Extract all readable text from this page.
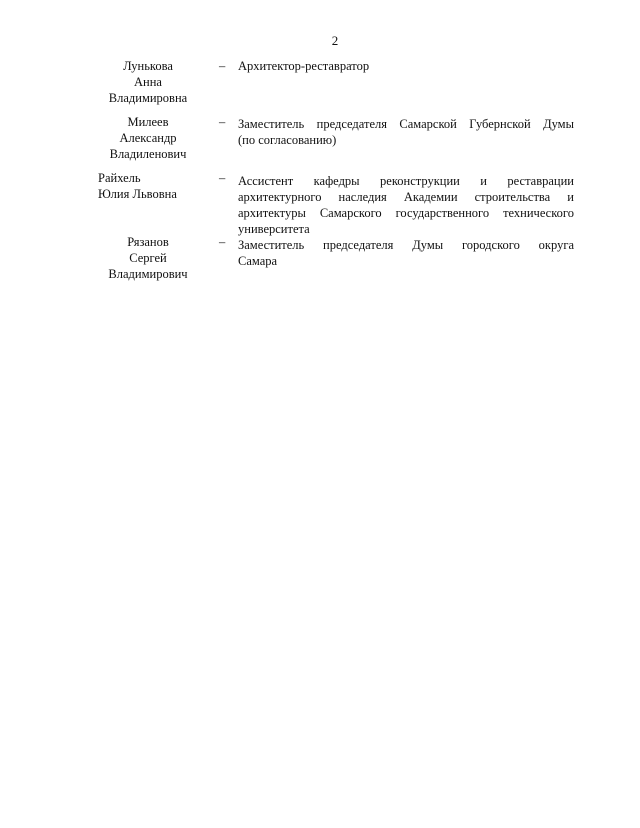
2
Лунькова
Анна
Владимировна
– Архитектор-реставратор
Милеев
Александр
Владиленович
– Заместитель председателя Самарской Губернской Думы
(по согласованию)
Райхель
Юлия Львовна
– Ассистент кафедры реконструкции и реставрации
архитектурного наследия Академии строительства и
архитектуры Самарского государственного технического
университета
Рязанов
Сергей
Владимирович
– Заместитель председателя Думы городского округа
Самара
